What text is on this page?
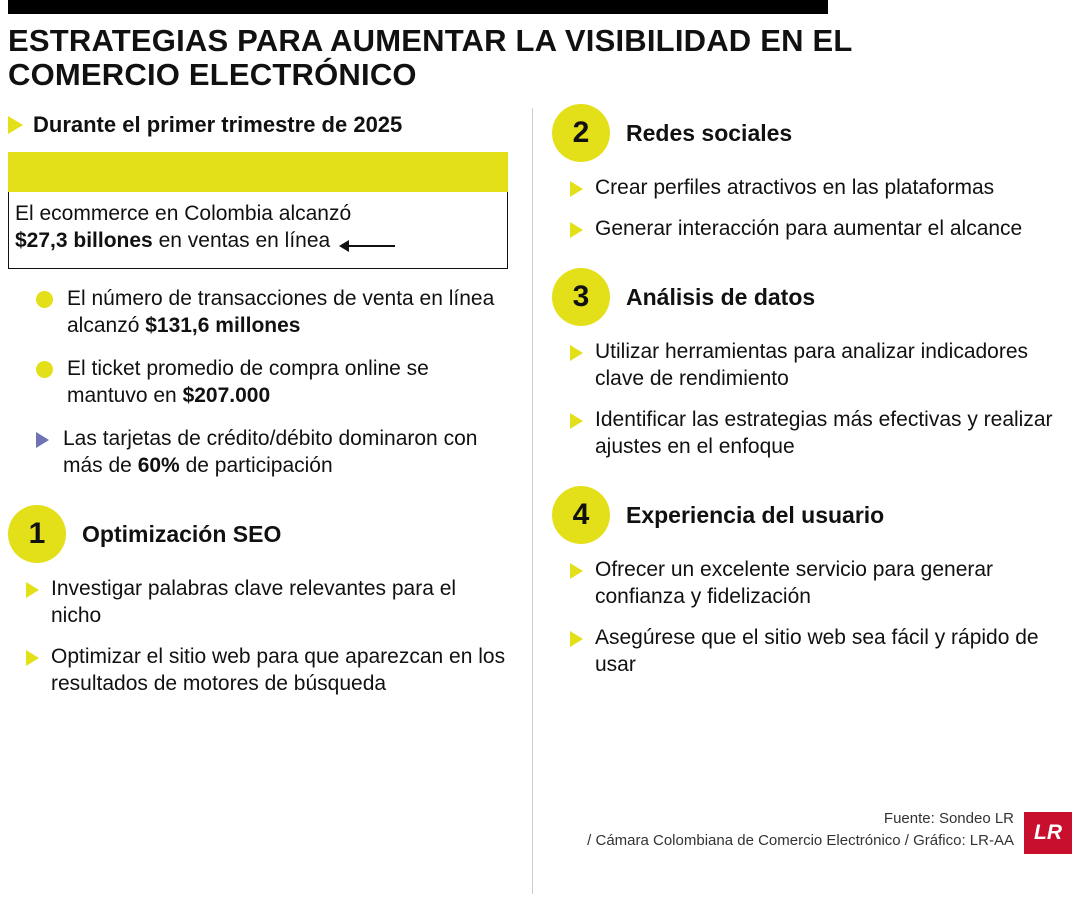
ESTRATEGIAS PARA AUMENTAR LA VISIBILIDAD EN EL COMERCIO ELECTRÓNICO
Durante el primer trimestre de 2025
El ecommerce en Colombia alcanzó
$27,3 billones en ventas en línea
El número de transacciones de venta en línea alcanzó $131,6 millones
El ticket promedio de compra online se mantuvo en $207.000
Las tarjetas de crédito/débito dominaron con más de 60% de participación
1	Optimización SEO
Investigar palabras clave relevantes para el nicho
Optimizar el sitio web para que aparezcan en los resultados de motores de búsqueda
2	Redes sociales
Crear perfiles atractivos en las plataformas
Generar interacción para aumentar el alcance
3	Análisis de datos
Utilizar herramientas para analizar indicadores clave de rendimiento
Identificar las estrategias más efectivas y realizar ajustes en el enfoque
4	Experiencia del usuario
Ofrecer un excelente servicio para generar confianza y fidelización
Asegúrese que el sitio web sea fácil y rápido de usar
Fuente: Sondeo LR
/ Cámara Colombiana de Comercio Electrónico / Gráfico: LR-AA LR
